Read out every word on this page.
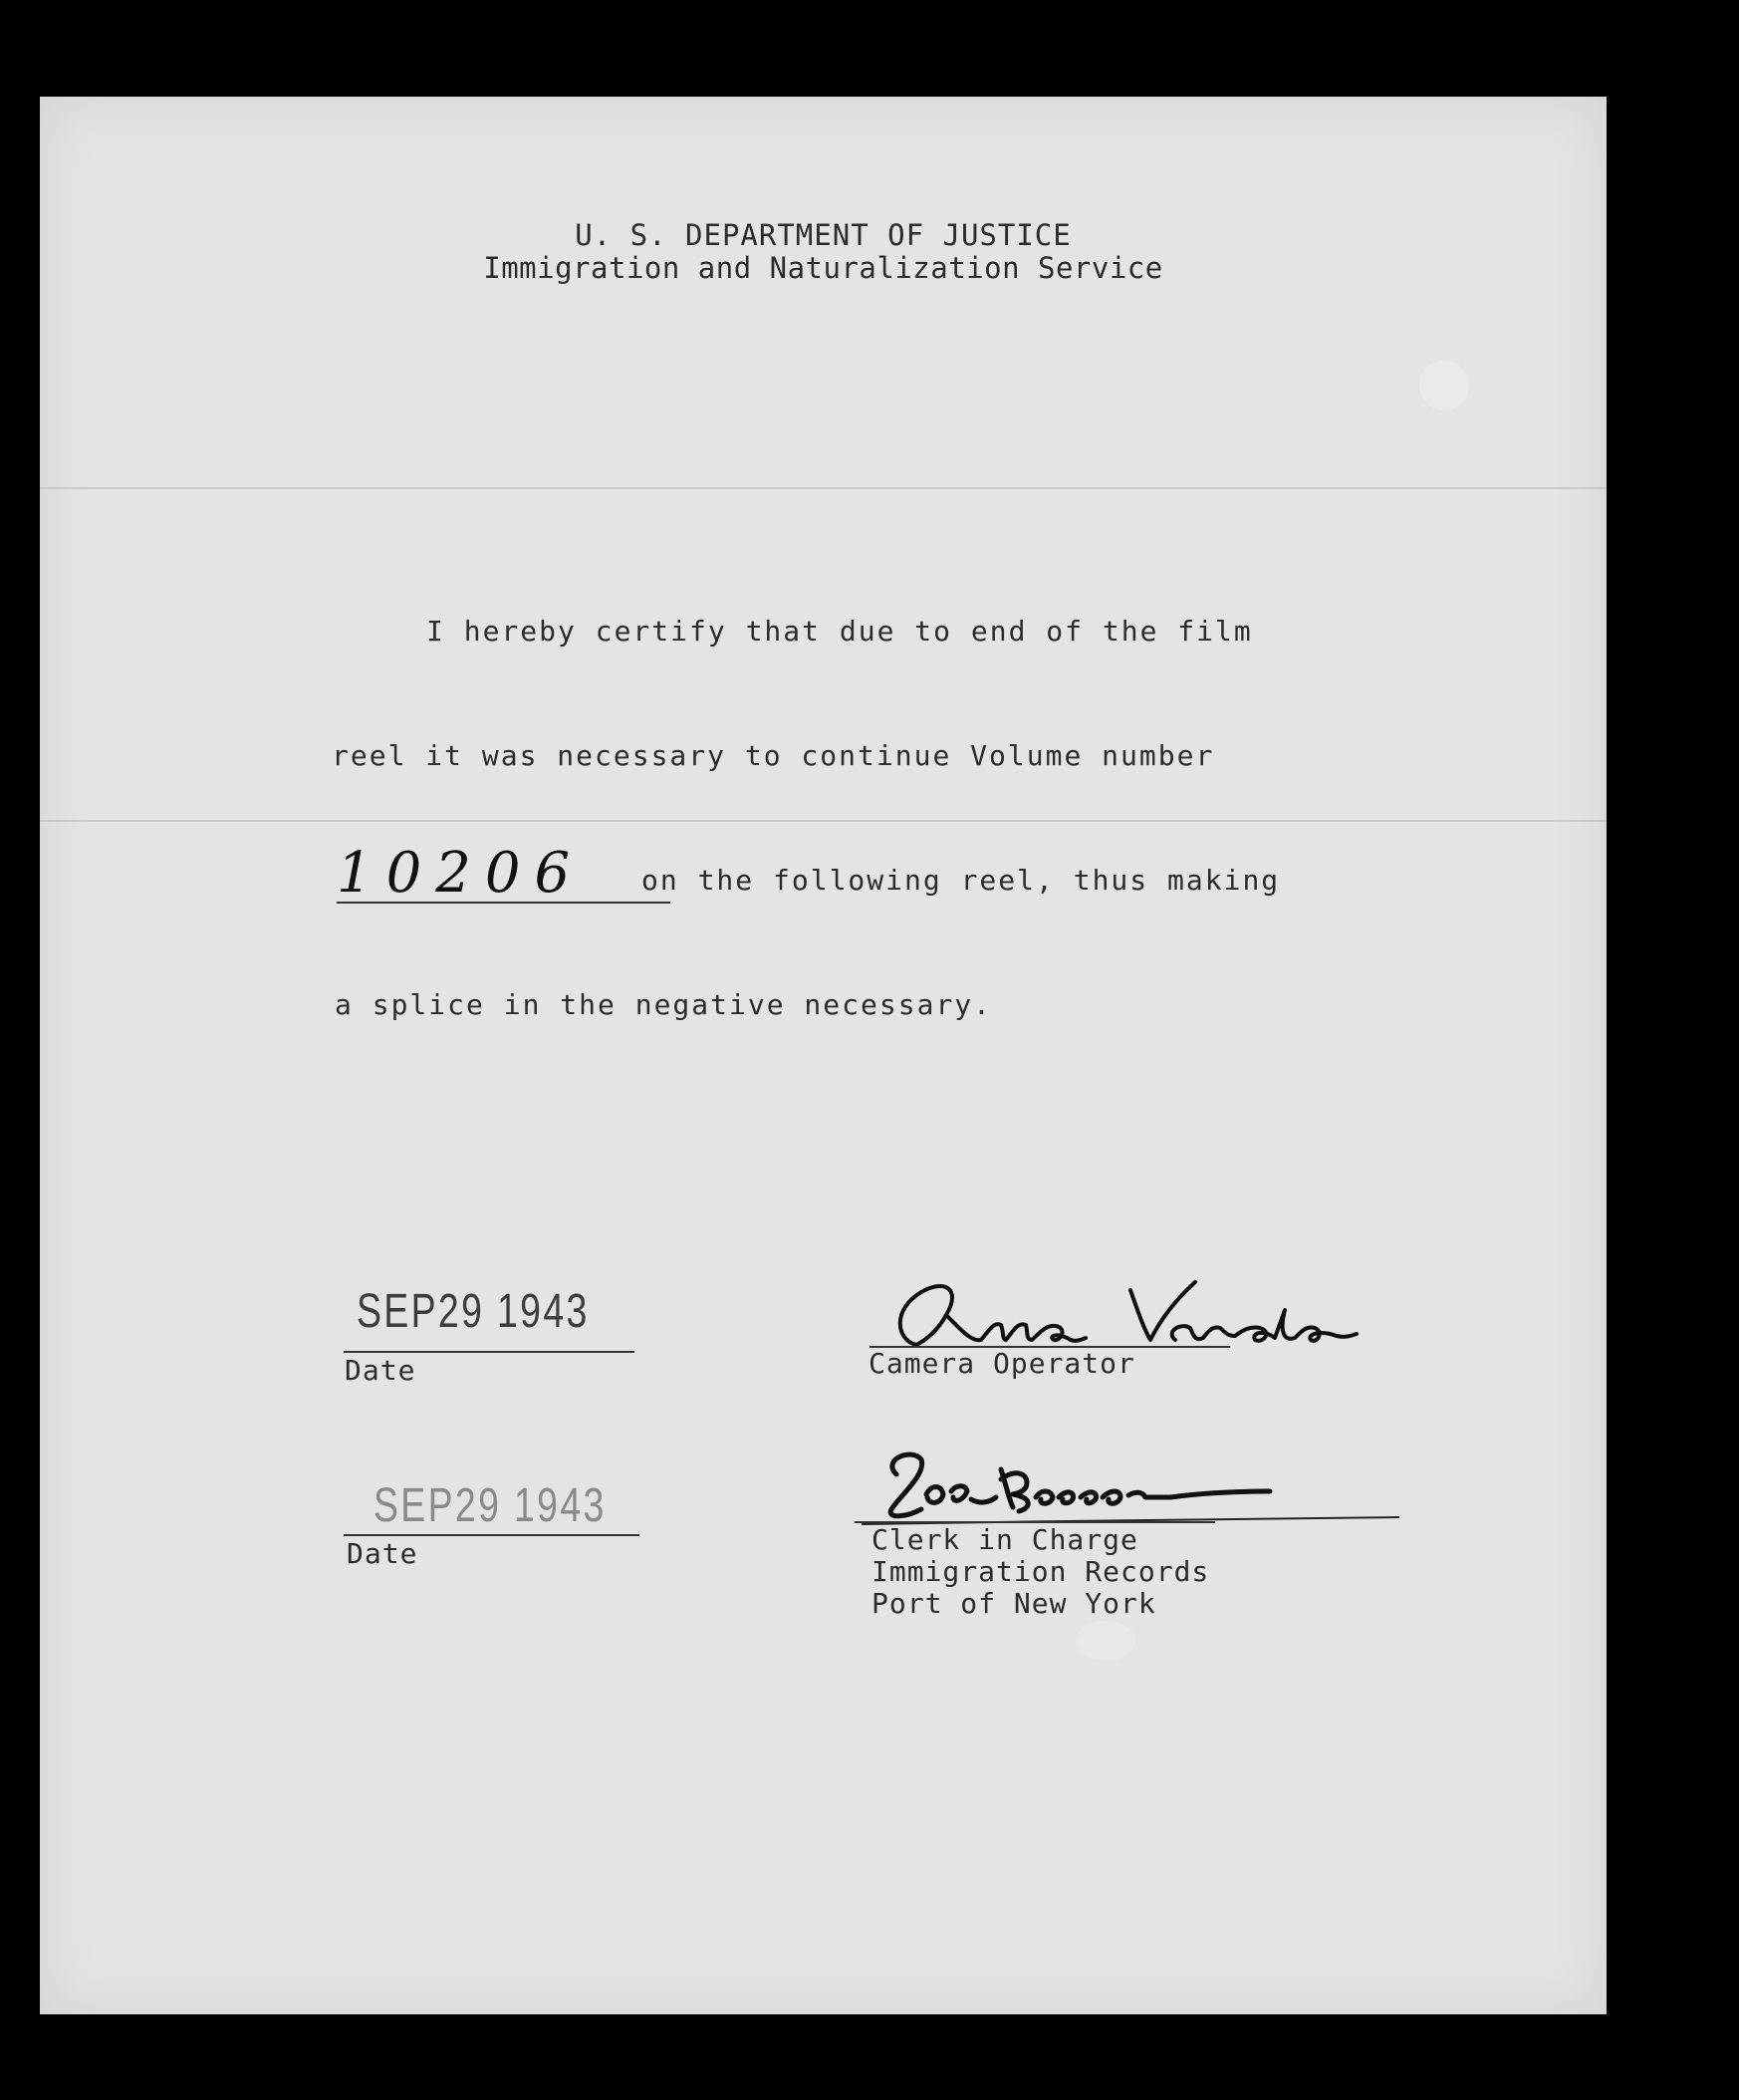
U. S. DEPARTMENT OF JUSTICE
Immigration and Naturalization Service
I hereby certify that due to end of the film
reel it was necessary to continue Volume number
10206	on the following reel, thus making
a splice in the negative necessary.
SEP29 1943
Date
SEP29 1943
Date
Camera Operator
Clerk in Charge
Immigration Records
Port of New York
